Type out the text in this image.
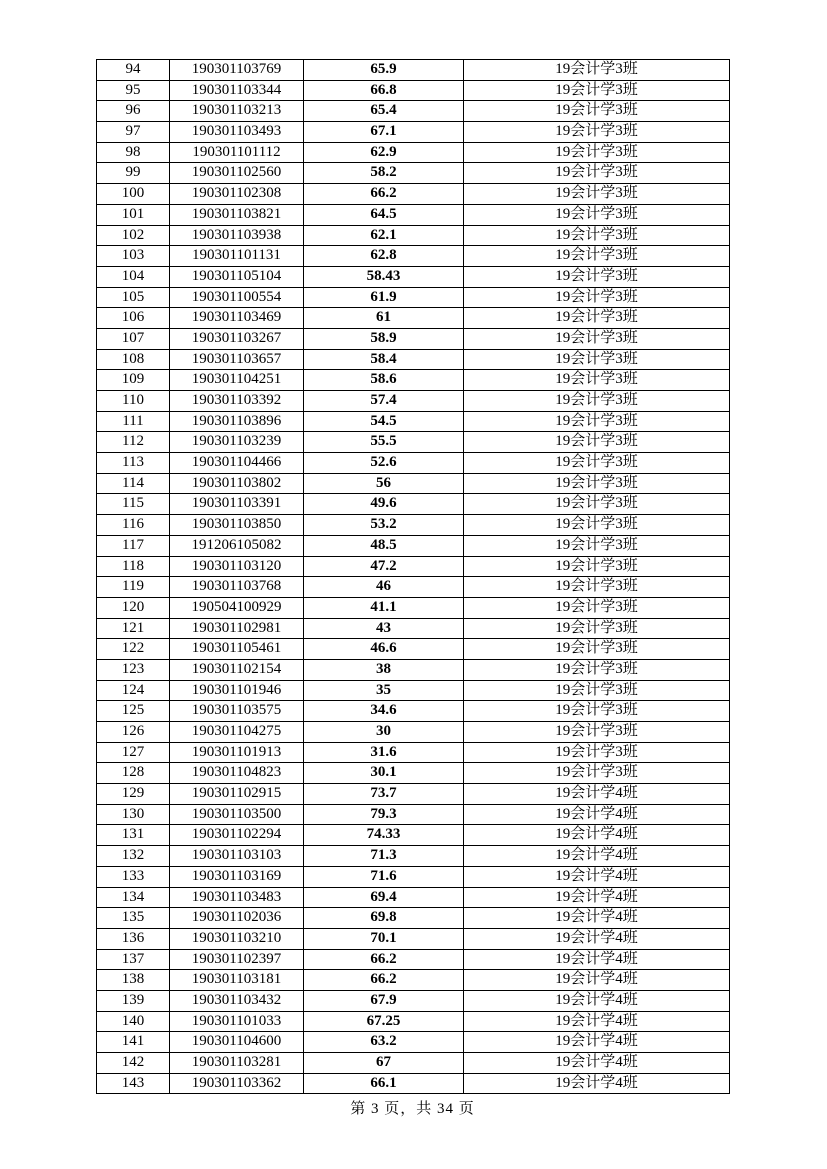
94	190301103769	65.9	19会计学3班
95	190301103344	66.8	19会计学3班
96	190301103213	65.4	19会计学3班
97	190301103493	67.1	19会计学3班
98	190301101112	62.9	19会计学3班
99	190301102560	58.2	19会计学3班
100	190301102308	66.2	19会计学3班
101	190301103821	64.5	19会计学3班
102	190301103938	62.1	19会计学3班
103	190301101131	62.8	19会计学3班
104	190301105104	58.43	19会计学3班
105	190301100554	61.9	19会计学3班
106	190301103469	61	19会计学3班
107	190301103267	58.9	19会计学3班
108	190301103657	58.4	19会计学3班
109	190301104251	58.6	19会计学3班
110	190301103392	57.4	19会计学3班
111	190301103896	54.5	19会计学3班
112	190301103239	55.5	19会计学3班
113	190301104466	52.6	19会计学3班
114	190301103802	56	19会计学3班
115	190301103391	49.6	19会计学3班
116	190301103850	53.2	19会计学3班
117	191206105082	48.5	19会计学3班
118	190301103120	47.2	19会计学3班
119	190301103768	46	19会计学3班
120	190504100929	41.1	19会计学3班
121	190301102981	43	19会计学3班
122	190301105461	46.6	19会计学3班
123	190301102154	38	19会计学3班
124	190301101946	35	19会计学3班
125	190301103575	34.6	19会计学3班
126	190301104275	30	19会计学3班
127	190301101913	31.6	19会计学3班
128	190301104823	30.1	19会计学3班
129	190301102915	73.7	19会计学4班
130	190301103500	79.3	19会计学4班
131	190301102294	74.33	19会计学4班
132	190301103103	71.3	19会计学4班
133	190301103169	71.6	19会计学4班
134	190301103483	69.4	19会计学4班
135	190301102036	69.8	19会计学4班
136	190301103210	70.1	19会计学4班
137	190301102397	66.2	19会计学4班
138	190301103181	66.2	19会计学4班
139	190301103432	67.9	19会计学4班
140	190301101033	67.25	19会计学4班
141	190301104600	63.2	19会计学4班
142	190301103281	67	19会计学4班
143	190301103362	66.1	19会计学4班
第 3 页，共 34 页
